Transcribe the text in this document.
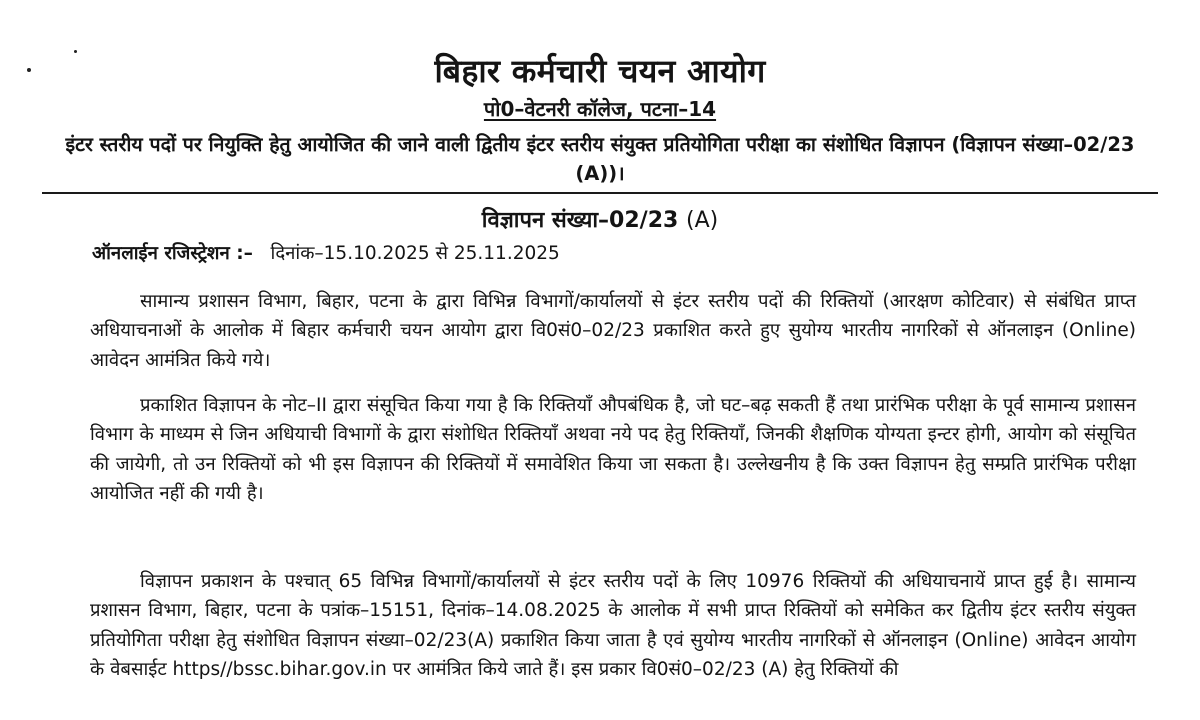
बिहार कर्मचारी चयन आयोग
पो0–वेटनरी कॉलेज, पटना–14
इंटर स्तरीय पदों पर नियुक्ति हेतु आयोजित की जाने वाली द्वितीय इंटर स्तरीय संयुक्त प्रतियोगिता परीक्षा का संशोधित विज्ञापन (विज्ञापन संख्या–02/23 (A))।
विज्ञापन संख्या–02/23 (A)
ऑनलाईन रजिस्ट्रेशन :– दिनांक–15.10.2025 से 25.11.2025

सामान्य प्रशासन विभाग, बिहार, पटना के द्वारा विभिन्न विभागों/कार्यालयों से इंटर स्तरीय पदों की रिक्तियों (आरक्षण कोटिवार) से संबंधित प्राप्त अधियाचनाओं के आलोक में बिहार कर्मचारी चयन आयोग द्वारा वि0सं0–02/23 प्रकाशित करते हुए सुयोग्य भारतीय नागरिकों से ऑनलाइन (Online) आवेदन आमंत्रित किये गये।

प्रकाशित विज्ञापन के नोट–II द्वारा संसूचित किया गया है कि रिक्तियाँ औपबंधिक है, जो घट–बढ़ सकती हैं तथा प्रारंभिक परीक्षा के पूर्व सामान्य प्रशासन विभाग के माध्यम से जिन अधियाची विभागों के द्वारा संशोधित रिक्तियाँ अथवा नये पद हेतु रिक्तियाँ, जिनकी शैक्षणिक योग्यता इन्टर होगी, आयोग को संसूचित की जायेगी, तो उन रिक्तियों को भी इस विज्ञापन की रिक्तियों में समावेशित किया जा सकता है। उल्लेखनीय है कि उक्त विज्ञापन हेतु सम्प्रति प्रारंभिक परीक्षा आयोजित नहीं की गयी है।

विज्ञापन प्रकाशन के पश्चात् 65 विभिन्न विभागों/कार्यालयों से इंटर स्तरीय पदों के लिए 10976 रिक्तियों की अधियाचनायें प्राप्त हुई है। सामान्य प्रशासन विभाग, बिहार, पटना के पत्रांक–15151, दिनांक–14.08.2025 के आलोक में सभी प्राप्त रिक्तियों को समेकित कर द्वितीय इंटर स्तरीय संयुक्त प्रतियोगिता परीक्षा हेतु संशोधित विज्ञापन संख्या–02/23(A) प्रकाशित किया जाता है एवं सुयोग्य भारतीय नागरिकों से ऑनलाइन (Online) आवेदन आयोग के वेबसाईट https//bssc.bihar.gov.in पर आमंत्रित किये जाते हैं। इस प्रकार वि0सं0–02/23 (A) हेतु रिक्तियों की
